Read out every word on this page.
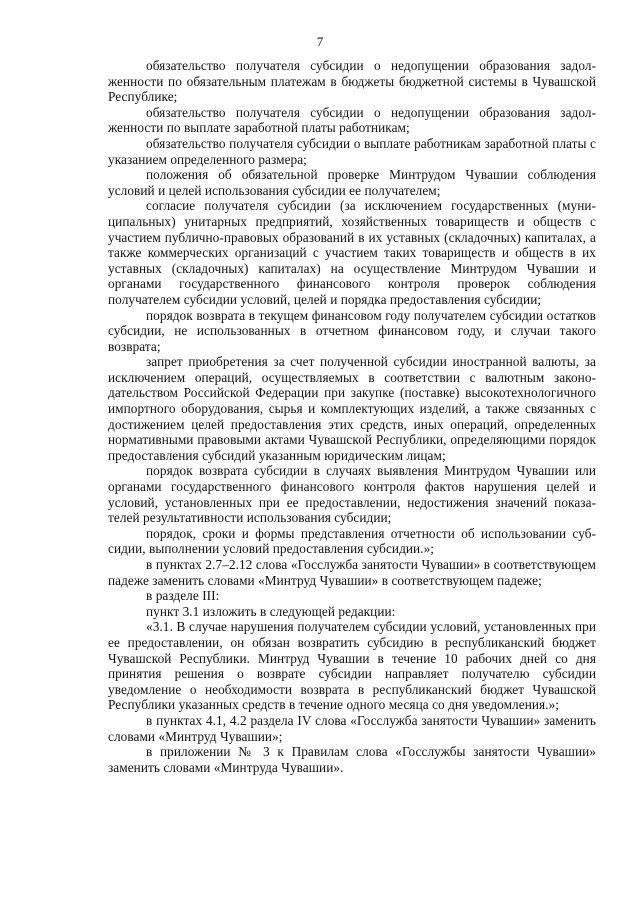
7

обязательство получателя субсидии о недопущении образования задолженности по обязательным платежам в бюджеты бюджетной системы в Чувашской Республике;

обязательство получателя субсидии о недопущении образования задолженности по выплате заработной платы работникам;

обязательство получателя субсидии о выплате работникам заработной платы с указанием определенного размера;

положения об обязательной проверке Минтрудом Чувашии соблюдения условий и целей использования субсидии ее получателем;

согласие получателя субсидии (за исключением государственных (муниципальных) унитарных предприятий, хозяйственных товариществ и обществ с участием публично-правовых образований в их уставных (складочных) капиталах, а также коммерческих организаций с участием таких товариществ и обществ в их уставных (складочных) капиталах) на осуществление Минтрудом Чувашии и органами государственного финансового контроля проверок соблюдения получателем субсидии условий, целей и порядка предоставления субсидии;

порядок возврата в текущем финансовом году получателем субсидии остатков субсидии, не использованных в отчетном финансовом году, и случаи такого возврата;

запрет приобретения за счет полученной субсидии иностранной валюты, за исключением операций, осуществляемых в соответствии с валютным законодательством Российской Федерации при закупке (поставке) высокотехнологичного импортного оборудования, сырья и комплектующих изделий, а также связанных с достижением целей предоставления этих средств, иных операций, определенных нормативными правовыми актами Чувашской Республики, определяющими порядок предоставления субсидий указанным юридическим лицам;

порядок возврата субсидии в случаях выявления Минтрудом Чувашии или органами государственного финансового контроля фактов нарушения целей и условий, установленных при ее предоставлении, недостижения значений показателей результативности использования субсидии;

порядок, сроки и формы представления отчетности об использовании субсидии, выполнении условий предоставления субсидии.»;

в пунктах 2.7–2.12 слова «Госслужба занятости Чувашии» в соответствующем падеже заменить словами «Минтруд Чувашии» в соответствующем падеже;

в разделе III:

пункт 3.1 изложить в следующей редакции:

«3.1. В случае нарушения получателем субсидии условий, установленных при ее предоставлении, он обязан возвратить субсидию в республиканский бюджет Чувашской Республики. Минтруд Чувашии в течение 10 рабочих дней со дня принятия решения о возврате субсидии направляет получателю субсидии уведомление о необходимости возврата в республиканский бюджет Чувашской Республики указанных средств в течение одного месяца со дня уведомления.»;

в пунктах 4.1, 4.2 раздела IV слова «Госслужба занятости Чувашии» заменить словами «Минтруд Чувашии»;

в приложении № 3 к Правилам слова «Госслужбы занятости Чувашии» заменить словами «Минтруда Чувашии».
